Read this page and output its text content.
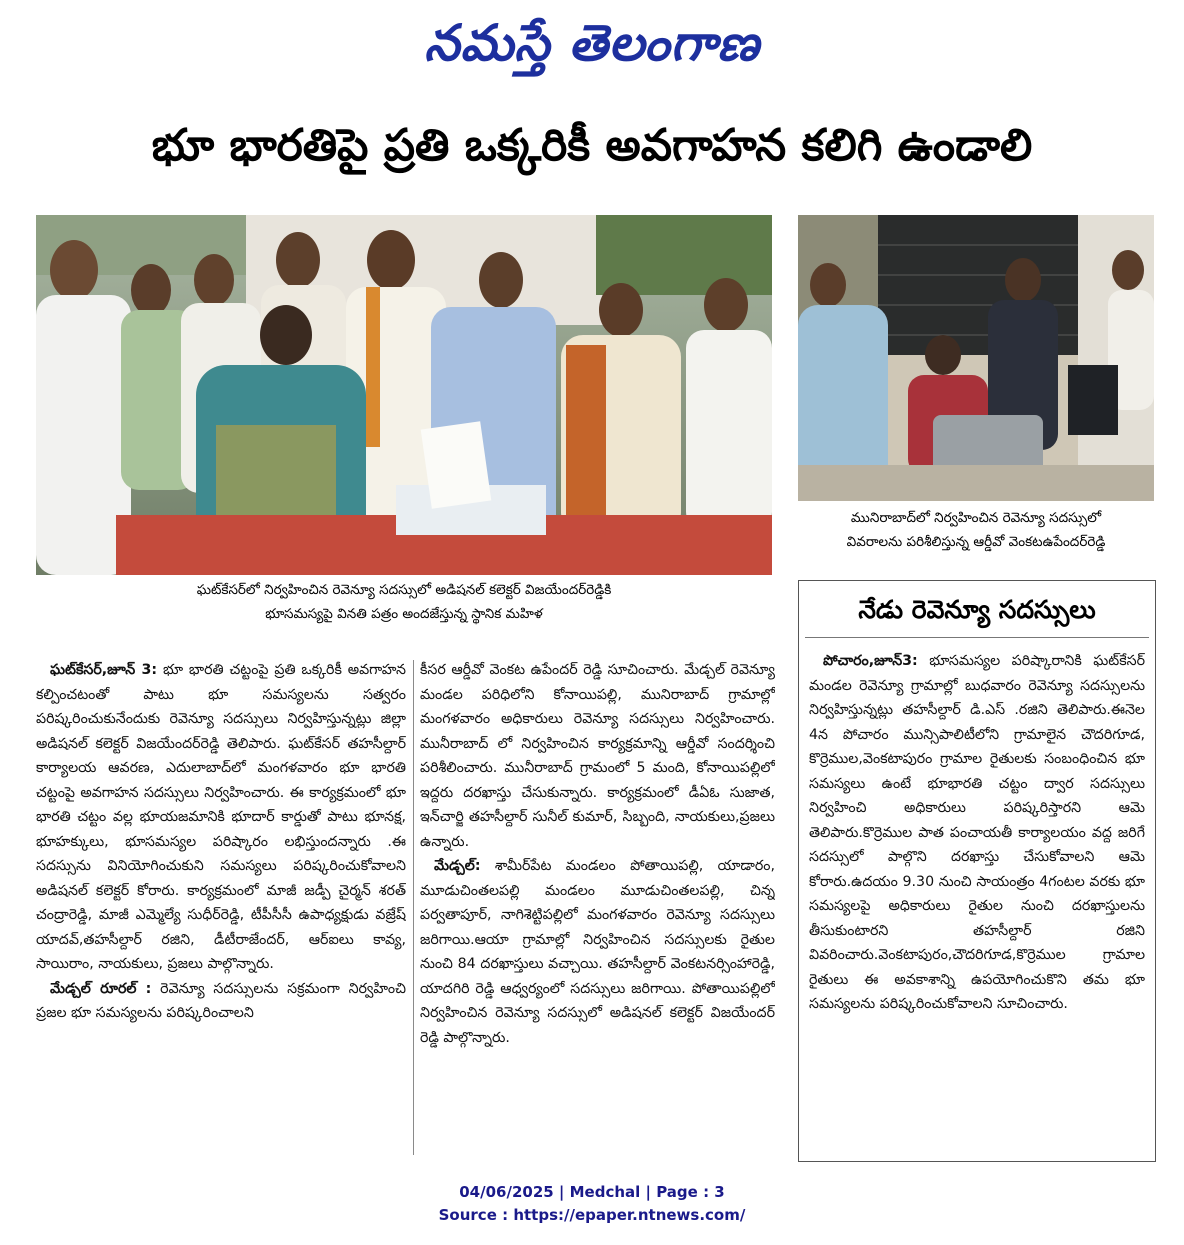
నమస్తే తెలంగాణ
భూ భారతిపై ప్రతి ఒక్కరికీ అవగాహన కలిగి ఉండాలి
ఘట్‌కేసర్‌లో నిర్వహించిన రెవెన్యూ సదస్సులో అడిషనల్ కలెక్టర్ విజయేందర్‌రెడ్డికి
భూసమస్యపై వినతి పత్రం అందజేస్తున్న స్థానిక మహిళ
మునిరాబాద్‌లో నిర్వహించిన రెవెన్యూ సదస్సులో
వివరాలను పరిశీలిస్తున్న ఆర్డీవో వెంకటఉపేందర్‌రెడ్డి

ఘట్‌కేసర్,జూన్ 3: భూ భారతి చట్టంపై ప్రతి ఒక్కరికీ అవగాహన కల్పించటంతో పాటు భూ సమస్యలను సత్వరం పరిష్కరించుకునేందుకు రెవెన్యూ సదస్సులు నిర్వహిస్తున్నట్లు జిల్లా అడిషనల్ కలెక్టర్ విజయేందర్‌రెడ్డి తెలిపారు. ఘట్‌కేసర్ తహసీల్దార్ కార్యాలయ ఆవరణ, ఎదులాబాద్‌లో మంగళవారం భూ భారతి చట్టంపై అవగాహన సదస్సులు నిర్వహించారు. ఈ కార్యక్రమంలో భూ భారతి చట్టం వల్ల భూయజమానికి భూదార్ కార్డుతో పాటు భూనక్ష, భూహక్కులు, భూసమస్యల పరిష్కారం లభిస్తుందన్నారు .ఈ సదస్సును వినియోగించుకుని సమస్యలు పరిష్కరించుకోవాలని అడిషనల్ కలెక్టర్ కోరారు. కార్యక్రమంలో మాజీ జడ్పీ చైర్మన్ శరత్ చంద్రారెడ్డి, మాజీ ఎమ్మెల్యే సుధీర్‌రెడ్డి, టీపీసీసీ ఉపాధ్యక్షుడు వజ్రేష్ యాదవ్,తహసీల్దార్ రజిని, డీటీరాజేందర్, ఆర్‌ఐలు కావ్య, సాయిరాం, నాయకులు, ప్రజలు పాల్గొన్నారు.

మేడ్చల్ రూరల్ : రెవెన్యూ సదస్సులను సక్రమంగా నిర్వహించి ప్రజల భూ సమస్యలను పరిష్కరించాలని

కీసర ఆర్డీవో వెంకట ఉపేందర్ రెడ్డి సూచించారు. మేడ్చల్ రెవెన్యూ మండల పరిధిలోని కోనాయిపల్లి, మునిరాబాద్ గ్రామాల్లో మంగళవారం అధికారులు రెవెన్యూ సదస్సులు నిర్వహించారు. మునీరాబాద్ లో నిర్వహించిన కార్యక్రమాన్ని ఆర్డీవో సందర్శించి పరిశీలించారు. మునీరాబాద్ గ్రామంలో 5 మంది, కోనాయిపల్లిలో ఇద్దరు దరఖాస్తు చేసుకున్నారు. కార్యక్రమంలో డీఏఓ సుజాత, ఇన్‌చార్జి తహసీల్దార్ సునీల్ కుమార్, సిబ్బంది, నాయకులు,ప్రజలు ఉన్నారు.

మేడ్చల్: శామీర్‌పేట మండలం పోతాయిపల్లి, యాడారం, మూడుచింతలపల్లి మండలం మూడుచింతలపల్లి, చిన్న పర్వతాపూర్, నాగిశెట్టిపల్లిలో మంగళవారం రెవెన్యూ సదస్సులు జరిగాయి.ఆయా గ్రామాల్లో నిర్వహించిన సదస్సులకు రైతుల నుంచి 84 దరఖాస్తులు వచ్చాయి. తహసీల్దార్ వెంకటనర్సింహారెడ్డి, యాదగిరి రెడ్డి ఆధ్వర్యంలో సదస్సులు జరిగాయి. పోతాయిపల్లిలో నిర్వహించిన రెవెన్యూ సదస్సులో అడిషనల్ కలెక్టర్ విజయేందర్ రెడ్డి పాల్గొన్నారు.

నేడు రెవెన్యూ సదస్సులు

పోచారం,జూన్3: భూసమస్యల పరిష్కారానికి ఘట్‌కేసర్ మండల రెవెన్యూ గ్రామాల్లో బుధవారం రెవెన్యూ సదస్సులను నిర్వహిస్తున్నట్లు తహసీల్దార్ డి.ఎస్ .రజిని తెలిపారు.ఈనెల 4న పోచారం మున్సిపాలిటీలోని గ్రామాలైన చౌదరిగూడ, కొర్రెముల,వెంకటాపురం గ్రామాల రైతులకు సంబంధించిన భూ సమస్యలు ఉంటే భూభారతి చట్టం ద్వార సదస్సులు నిర్వహించి అధికారులు పరిష్కరిస్తారని ఆమె తెలిపారు.కొర్రెముల పాత పంచాయతీ కార్యాలయం వద్ద జరిగే సదస్సులో పాల్గొని దరఖాస్తు చేసుకోవాలని ఆమె కోరారు.ఉదయం 9.30 నుంచి సాయంత్రం 4గంటల వరకు భూ సమస్యలపై అధికారులు రైతుల నుంచి దరఖాస్తులను తీసుకుంటారని తహసీల్దార్ రజిని వివరించారు.వెంకటాపురం,చౌదరిగూడ,కొర్రెముల గ్రామాల రైతులు ఈ అవకాశాన్ని ఉపయోగించుకొని తమ భూ సమస్యలను పరిష్కరించుకోవాలని సూచించారు.

04/06/2025 | Medchal | Page : 3
Source : https://epaper.ntnews.com/
